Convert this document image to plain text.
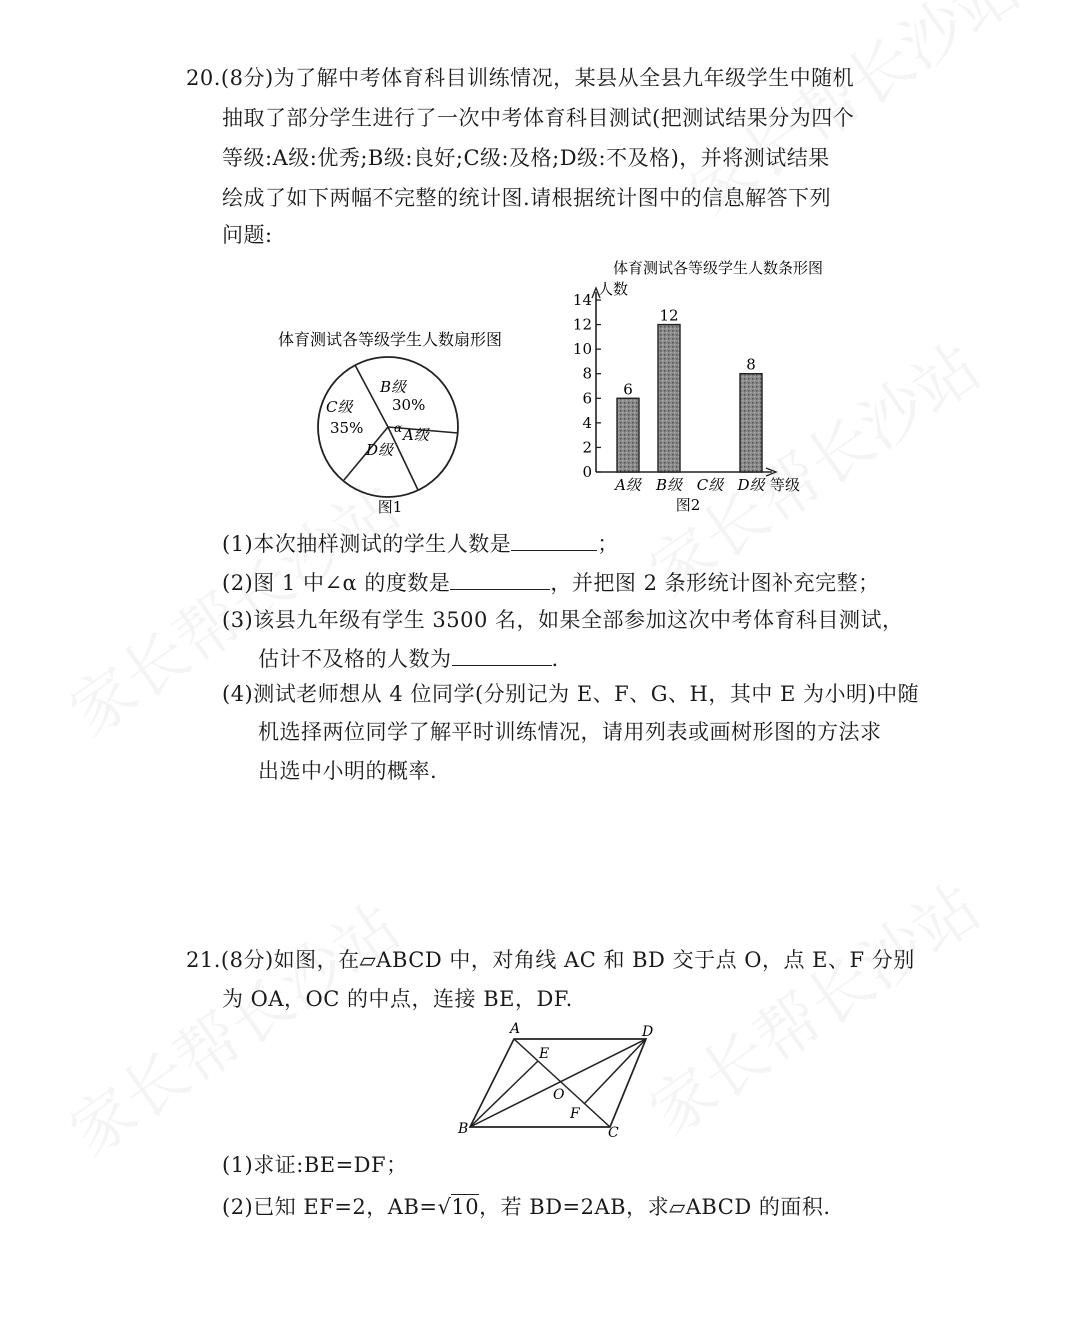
20.(8分)为了解中考体育科目训练情况，某县从全县九年级学生中随机
抽取了部分学生进行了一次中考体育科目测试(把测试结果分为四个
等级:A级:优秀;B级:良好;C级:及格;D级:不及格)，并将测试结果
绘成了如下两幅不完整的统计图.请根据统计图中的信息解答下列
问题:
体育测试各等级学生人数扇形图
B级
30%
C级
35%
D级
α A级
图1
体育测试各等级学生人数条形图
人数
0
2
4
6
8
10
12
14
6
A级
12
B级 C级
8
D级 等级
图2
(1)本次抽样测试的学生人数是	；
(2)图 1 中∠α 的度数是	，并把图 2 条形统计图补充完整；
(3)该县九年级有学生 3500 名，如果全部参加这次中考体育科目测试，
估计不及格的人数为	.
(4)测试老师想从 4 位同学(分别记为 E、F、G、H，其中 E 为小明)中随
机选择两位同学了解平时训练情况，请用列表或画树形图的方法求
出选中小明的概率.
21.(8分)如图，在▱ABCD 中，对角线 AC 和 BD 交于点 O，点 E、F 分别
为 OA，OC 的中点，连接 BE，DF.
A	D
E
O
F
B	C
(1)求证:BE=DF；
(2)已知 EF=2，AB=√10，若 BD=2AB，求▱ABCD 的面积.
